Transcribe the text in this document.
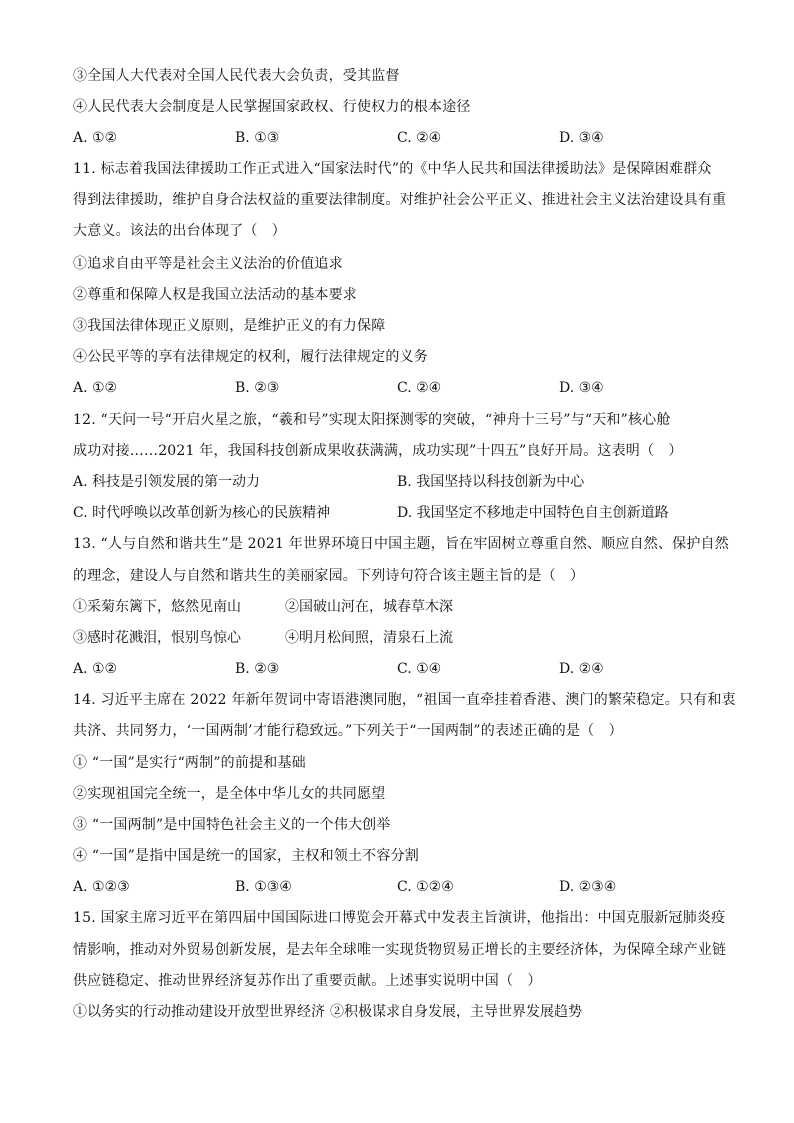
③全国人大代表对全国人民代表大会负责，受其监督
④人民代表大会制度是人民掌握国家政权、行使权力的根本途径
A. ①②	B. ①③	C. ②④	D. ③④
11. 标志着我国法律援助工作正式进入“国家法时代”的《中华人民共和国法律援助法》是保障困难群众
得到法律援助，维护自身合法权益的重要法律制度。对维护社会公平正义、推进社会主义法治建设具有重
大意义。该法的出台体现了（　）
①追求自由平等是社会主义法治的价值追求
②尊重和保障人权是我国立法活动的基本要求
③我国法律体现正义原则，是维护正义的有力保障
④公民平等的享有法律规定的权利，履行法律规定的义务
A. ①②	B. ②③	C. ②④	D. ③④
12. “天问一号“开启火星之旅，“羲和号”实现太阳探测零的突破，“神舟十三号”与“天和”核心舱
成功对接……2021 年，我国科技创新成果收获满满，成功实现”十四五”良好开局。这表明（　）
A. 科技是引领发展的第一动力	B. 我国坚持以科技创新为中心
C. 时代呼唤以改革创新为核心的民族精神	D. 我国坚定不移地走中国特色自主创新道路
13. “人与自然和谐共生”是 2021 年世界环境日中国主题，旨在牢固树立尊重自然、顺应自然、保护自然
的理念，建设人与自然和谐共生的美丽家园。下列诗句符合该主题主旨的是（　）
①采菊东篱下，悠然见南山	②国破山河在，城春草木深
③感时花溅泪，恨别鸟惊心	④明月松间照，清泉石上流
A. ①②	B. ②③	C. ①④	D. ②④
14. 习近平主席在 2022 年新年贺词中寄语港澳同胞，“祖国一直牵挂着香港、澳门的繁荣稳定。只有和衷
共济、共同努力，‘一国两制’才能行稳致远。”下列关于“一国两制”的表述正确的是（　）
① “一国”是实行“两制”的前提和基础
②实现祖国完全统一，是全体中华儿女的共同愿望
③ “一国两制”是中国特色社会主义的一个伟大创举
④ “一国”是指中国是统一的国家，主权和领土不容分割
A. ①②③	B. ①③④	C. ①②④	D. ②③④
15. 国家主席习近平在第四届中国国际进口博览会开幕式中发表主旨演讲，他指出：中国克服新冠肺炎疫
情影响，推动对外贸易创新发展，是去年全球唯一实现货物贸易正增长的主要经济体，为保障全球产业链
供应链稳定、推动世界经济复苏作出了重要贡献。上述事实说明中国（　）
①以务实的行动推动建设开放型世界经济 ②积极谋求自身发展，主导世界发展趋势
